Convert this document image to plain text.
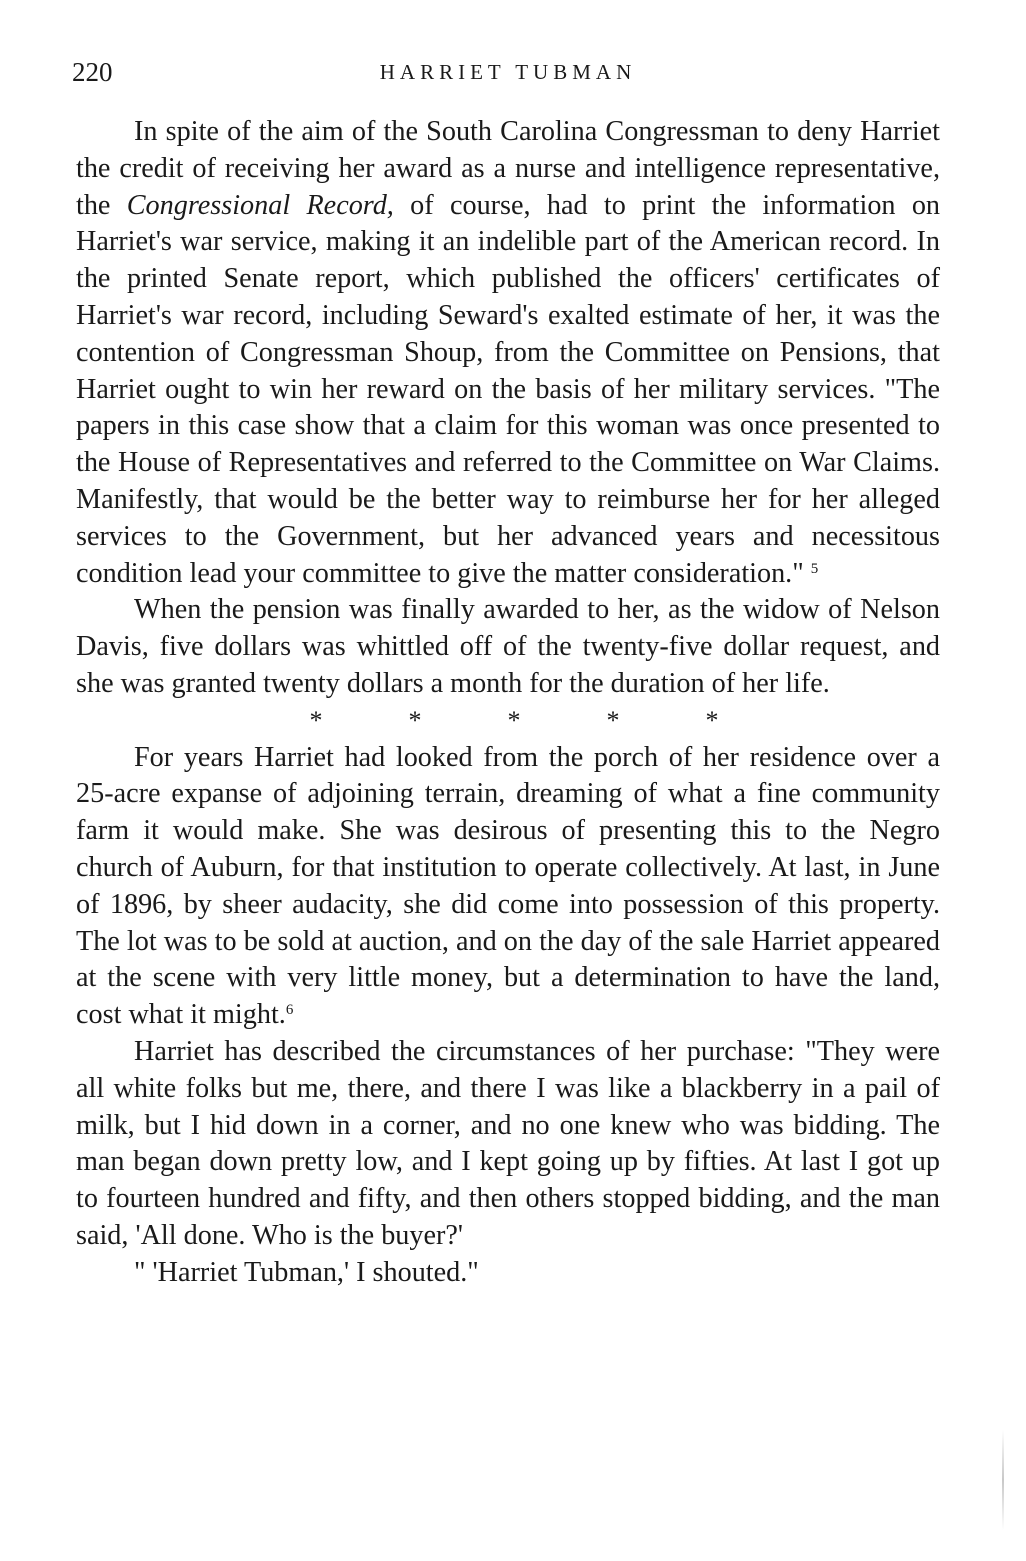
220	HARRIET TUBMAN

In spite of the aim of the South Carolina Congressman to deny Harriet the credit of receiving her award as a nurse and intelligence representative, the Congressional Record, of course, had to print the information on Harriet's war service, making it an indelible part of the American record. In the printed Senate report, which published the officers' certificates of Harriet's war record, including Seward's exalted estimate of her, it was the contention of Congressman Shoup, from the Committee on Pensions, that Harriet ought to win her reward on the basis of her military services. "The papers in this case show that a claim for this woman was once presented to the House of Representatives and referred to the Committee on War Claims. Manifestly, that would be the better way to reimburse her for her alleged services to the Government, but her advanced years and necessitous condition lead your committee to give the matter consideration." $^5$

When the pension was finally awarded to her, as the widow of Nelson Davis, five dollars was whittled off of the twenty-five dollar request, and she was granted twenty dollars a month for the duration of her life.

*	*	*	*	*

For years Harriet had looked from the porch of her residence over a 25-acre expanse of adjoining terrain, dreaming of what a fine community farm it would make. She was desirous of presenting this to the Negro church of Auburn, for that institution to operate collectively. At last, in June of 1896, by sheer audacity, she did come into possession of this property. The lot was to be sold at auction, and on the day of the sale Harriet appeared at the scene with very little money, but a determination to have the land, cost what it might.$^6$

Harriet has described the circumstances of her purchase: "They were all white folks but me, there, and there I was like a blackberry in a pail of milk, but I hid down in a corner, and no one knew who was bidding. The man began down pretty low, and I kept going up by fifties. At last I got up to fourteen hundred and fifty, and then others stopped bidding, and the man said, 'All done. Who is the buyer?'

" 'Harriet Tubman,' I shouted."
